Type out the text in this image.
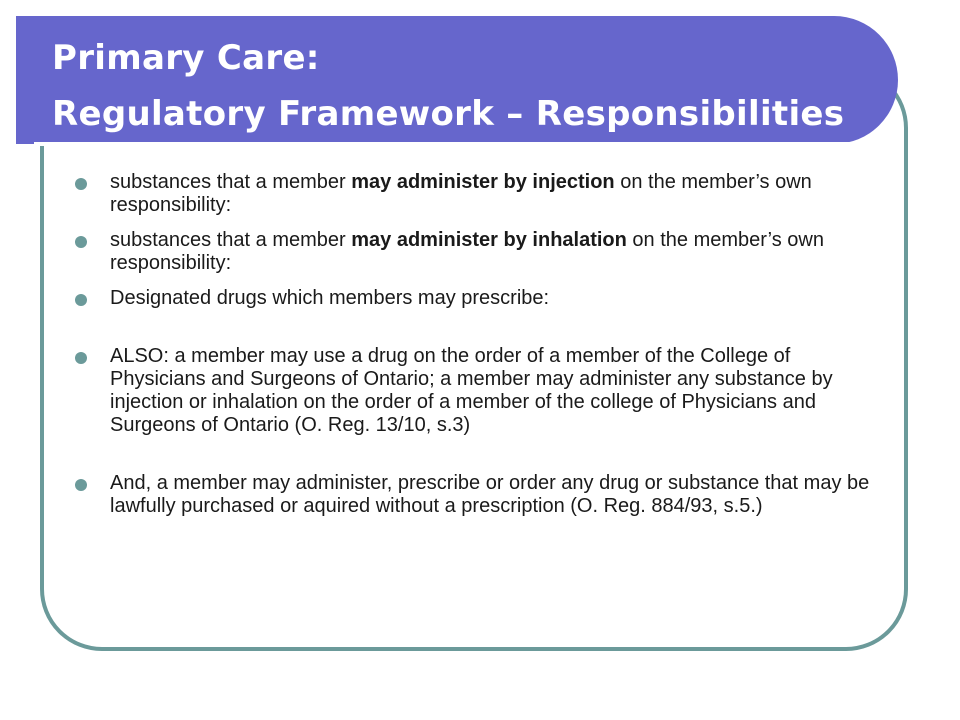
Primary Care:
Regulatory Framework – Responsibilities
substances that a member may administer by injection on the member’s own responsibility:
substances that a member may administer by inhalation on the member’s own responsibility:
Designated drugs which members may prescribe:
ALSO: a member may use a drug on the order of a member of the College of Physicians and Surgeons of Ontario; a member may administer any substance by injection or inhalation on the order of a member of the college of Physicians and Surgeons of Ontario (O. Reg. 13/10, s.3)
And, a member may administer, prescribe or order any drug or substance that may be lawfully purchased or aquired without a prescription (O. Reg. 884/93, s.5.)
